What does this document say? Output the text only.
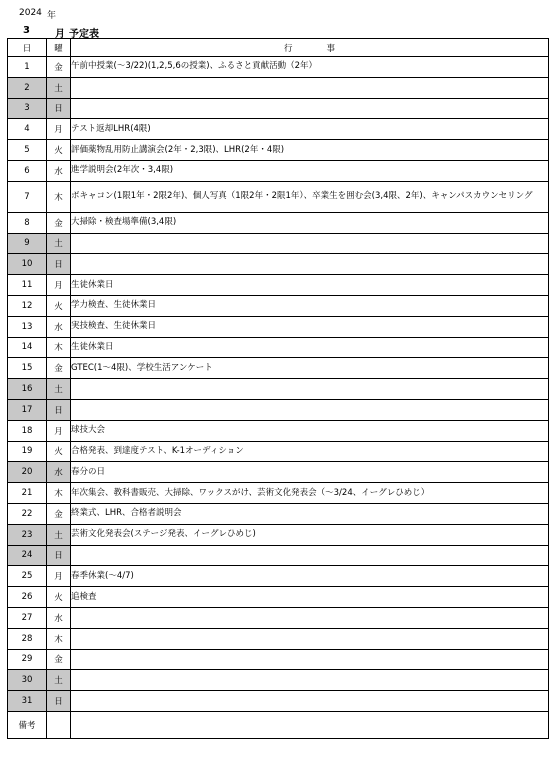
2024 年
3	月 予定表
日	曜	行　　　　事
1	金	午前中授業(～3/22)(1,2,5,6の授業)、ふるさと貢献活動（2年）
2	土	
3	日	
4	月	テスト返却LHR(4限)
5	火	評価薬物乱用防止講演会(2年・2,3限)、LHR(2年・4限)
6	水	進学説明会(2年次・3,4限)
7	木	ボキャコン(1限1年・2限2年)、個人写真（1限2年・2限1年）、卒業生を囲む会(3,4限、2年)、キャンパスカウンセリング
8	金	大掃除・検査場準備(3,4限)
9	土	
10	日	
11	月	生徒休業日
12	火	学力検査、生徒休業日
13	水	実技検査、生徒休業日
14	木	生徒休業日
15	金	GTEC(1～4限)、学校生活アンケート
16	土	
17	日	
18	月	球技大会
19	火	合格発表、到達度テスト、K-1オーディション
20	水	春分の日
21	木	年次集会、教科書販売、大掃除、ワックスがけ、芸術文化発表会（～3/24、イーグレひめじ）
22	金	終業式、LHR、合格者説明会
23	土	芸術文化発表会(ステージ発表、イーグレひめじ)
24	日	
25	月	春季休業(～4/7)
26	火	追検査
27	水	
28	木	
29	金	
30	土	
31	日	
備考		
